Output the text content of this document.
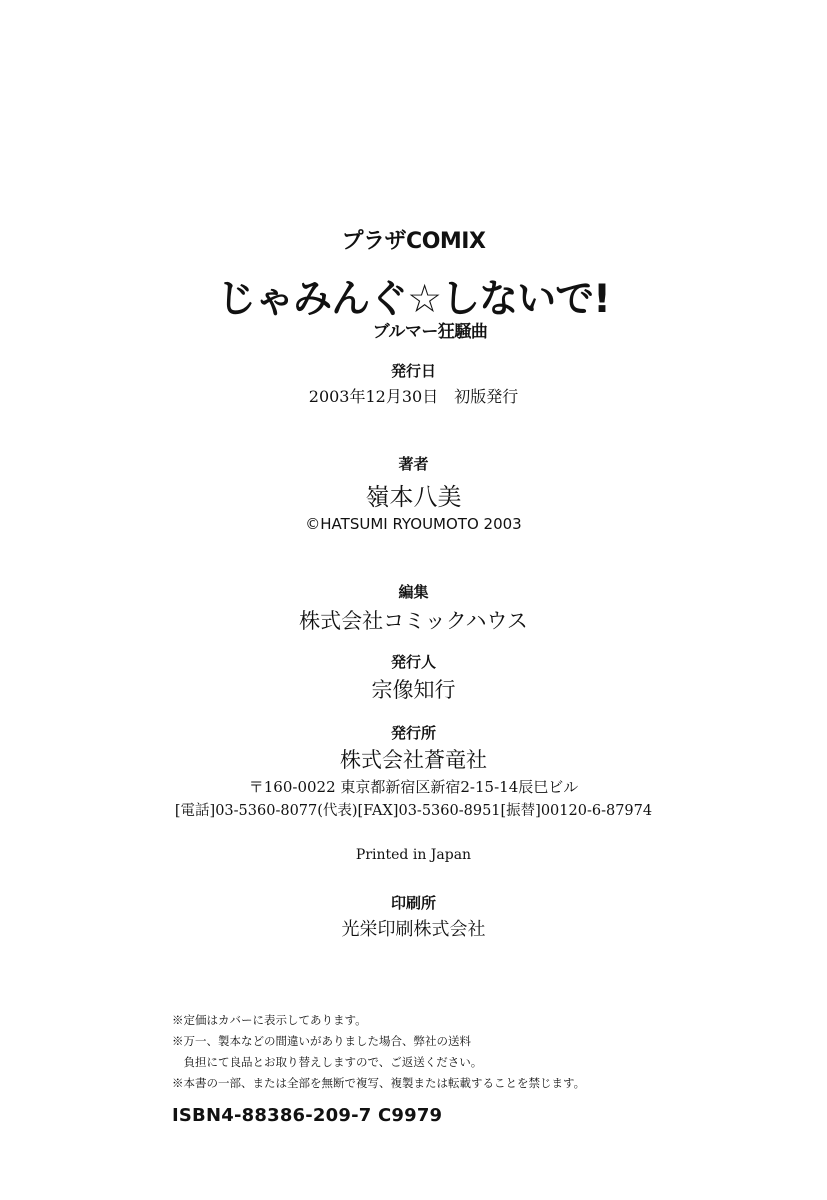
プラザCOMIX
じゃみんぐ☆しないで!
ブルマー狂騒曲
発行日
2003年12月30日　初版発行
著者
嶺本八美
©HATSUMI RYOUMOTO 2003
編集
株式会社コミックハウス
発行人
宗像知行
発行所
株式会社蒼竜社
〒160-0022 東京都新宿区新宿2-15-14辰巳ビル
[電話]03-5360-8077(代表)[FAX]03-5360-8951[振替]00120-6-87974
Printed in Japan
印刷所
光栄印刷株式会社
※定価はカバーに表示してあります。
※万一、製本などの間違いがありました場合、弊社の送料
　負担にて良品とお取り替えしますので、ご返送ください。
※本書の一部、または全部を無断で複写、複製または転載することを禁じます。
ISBN4-88386-209-7 C9979
